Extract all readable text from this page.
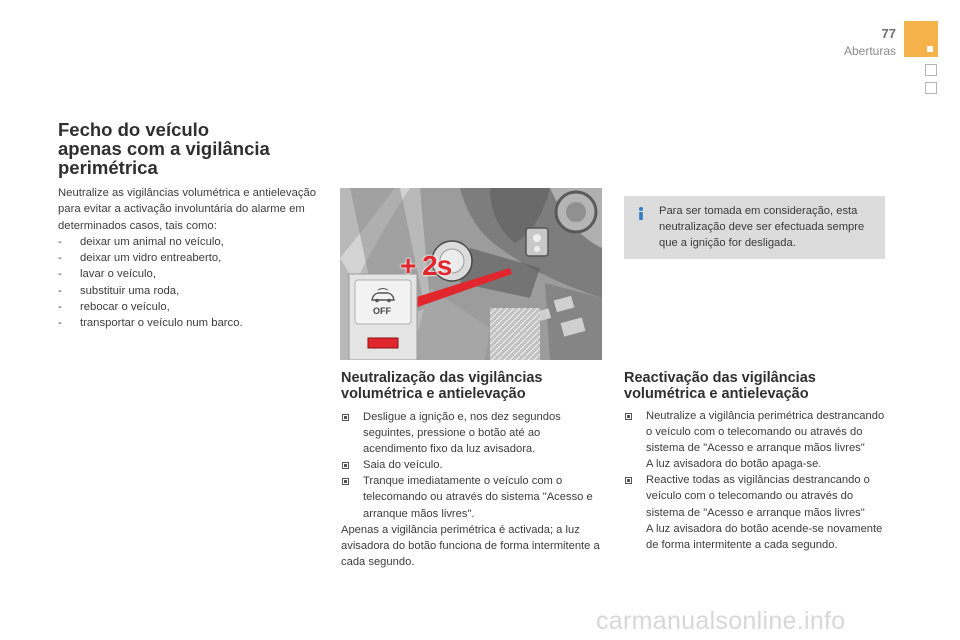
77
Aberturas
Fecho do veículo
apenas com a vigilância
perimétrica

Neutralize as vigilâncias volumétrica e antielevação para evitar a activação involuntária do alarme em determinados casos, tais como:

- deixar um animal no veículo,
- deixar um vidro entreaberto,
- lavar o veículo,
- substituir uma roda,
- rebocar o veículo,
- transportar o veículo num barco.
OFF
+ 2s
Para ser tomada em consideração, esta neutralização deve ser efectuada sempre que a ignição for desligada.
Neutralização das vigilâncias
volumétrica e antielevação
Desligue a ignição e, nos dez segundos seguintes, pressione o botão até ao acendimento fixo da luz avisadora.
Saia do veículo.
Tranque imediatamente o veículo com o telecomando ou através do sistema "Acesso e arranque mãos livres".

Apenas a vigilância perimétrica é activada; a luz avisadora do botão funciona de forma intermitente a cada segundo.

Reactivação das vigilâncias
volumétrica e antielevação
Neutralize a vigilância perimétrica destrancando o veículo com o telecomando ou através do sistema de "Acesso e arranque mãos livres"
A luz avisadora do botão apaga-se.
Reactive todas as vigilâncias destrancando o veículo com o telecomando ou através do sistema de "Acesso e arranque mãos livres"
A luz avisadora do botão acende-se novamente de forma intermitente a cada segundo.
carmanualsonline.info
